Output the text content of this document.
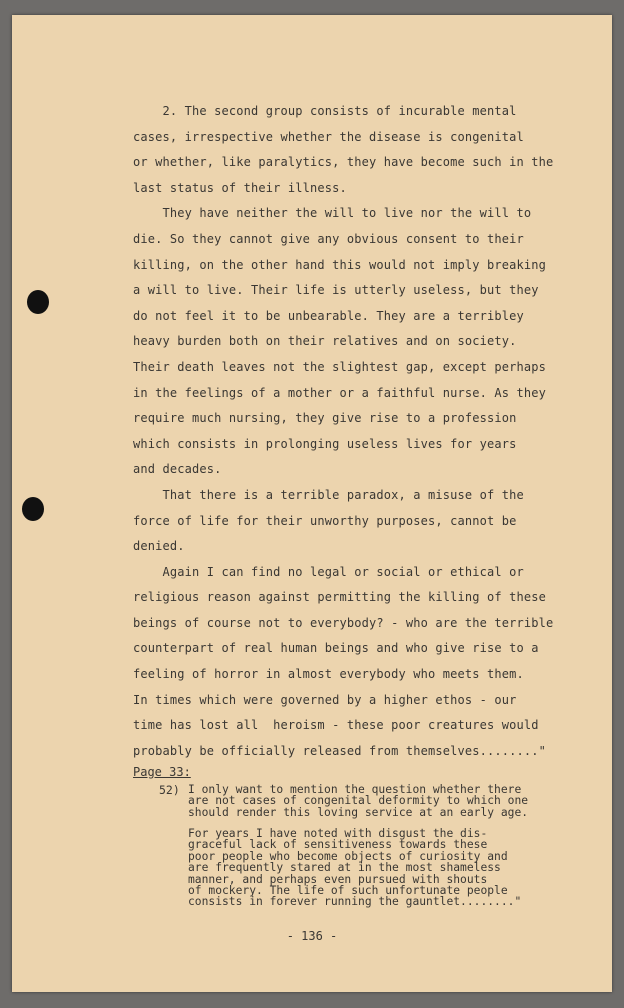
2. The second group consists of incurable mental
cases, irrespective whether the disease is congenital
or whether, like paralytics, they have become such in the
last status of their illness.
They have neither the will to live nor the will to
die. So they cannot give any obvious consent to their
killing, on the other hand this would not imply breaking
a will to live. Their life is utterly useless, but they
do not feel it to be unbearable. They are a terribley
heavy burden both on their relatives and on society.
Their death leaves not the slightest gap, except perhaps
in the feelings of a mother or a faithful nurse. As they
require much nursing, they give rise to a profession
which consists in prolonging useless lives for years
and decades.
That there is a terrible paradox, a misuse of the
force of life for their unworthy purposes, cannot be
denied.
Again I can find no legal or social or ethical or
religious reason against permitting the killing of these
beings of course not to everybody? - who are the terrible
counterpart of real human beings and who give rise to a
feeling of horror in almost everybody who meets them.
In times which were governed by a higher ethos - our
time has lost all  heroism - these poor creatures would
probably be officially released from themselves........"
Page 33:
52) I only want to mention the question whether there
are not cases of congenital deformity to which one
should render this loving service at an early age.
For years I have noted with disgust the dis-
graceful lack of sensitiveness towards these
poor people who become objects of curiosity and
are frequently stared at in the most shameless
manner, and perhaps even pursued with shouts
of mockery. The life of such unfortunate people
consists in forever running the gauntlet........"
- 136 -
